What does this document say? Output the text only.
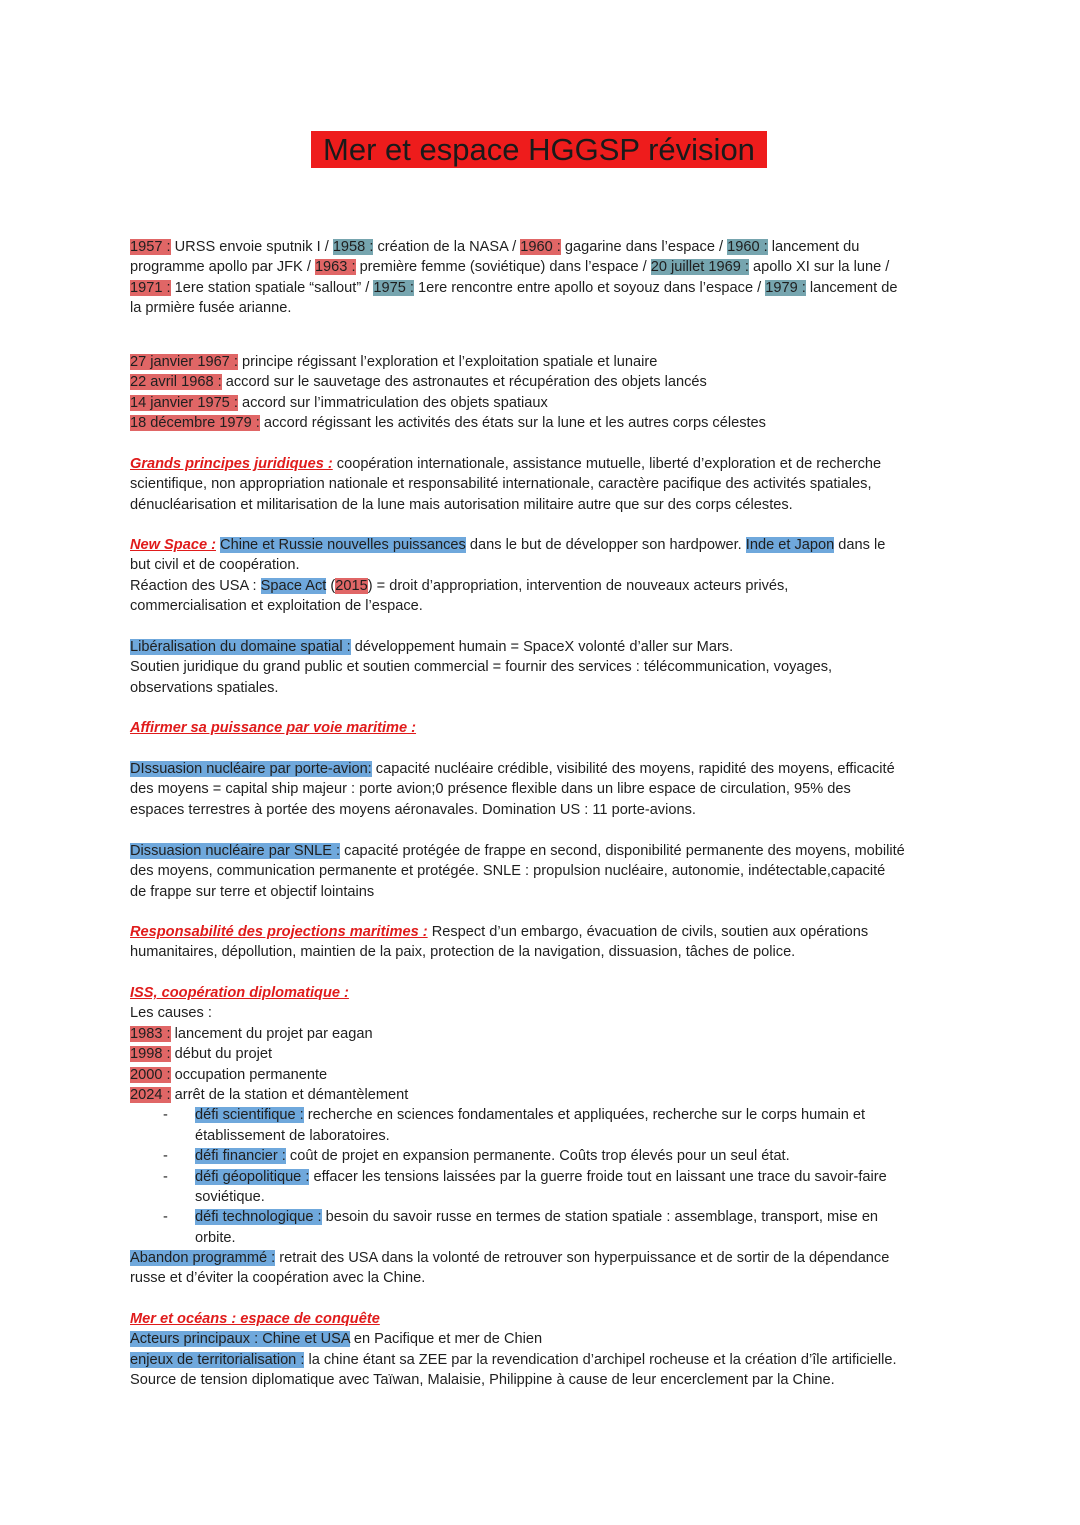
Mer et espace HGGSP révision
1957 : URSS envoie sputnik I / 1958 : création de la NASA / 1960 : gagarine dans l’espace / 1960 : lancement du
programme apollo par JFK / 1963 : première femme (soviétique) dans l’espace / 20 juillet 1969 : apollo XI sur la lune /
1971 : 1ere station spatiale “sallout” / 1975 : 1ere rencontre entre apollo et soyouz dans l’espace / 1979 : lancement de
la prmière fusée arianne.
27 janvier 1967 : principe régissant l’exploration et l’exploitation spatiale et lunaire
22 avril 1968 : accord sur le sauvetage des astronautes et récupération des objets lancés
14 janvier 1975 : accord sur l’immatriculation des objets spatiaux
18 décembre 1979 : accord régissant les activités des états sur la lune et les autres corps célestes
Grands principes juridiques : coopération internationale, assistance mutuelle, liberté d’exploration et de recherche
scientifique, non appropriation nationale et responsabilité internationale, caractère pacifique des activités spatiales,
dénucléarisation et militarisation de la lune mais autorisation militaire autre que sur des corps célestes.
New Space : Chine et Russie nouvelles puissances dans le but de développer son hardpower. Inde et Japon dans le
but civil et de coopération.
Réaction des USA : Space Act (2015) = droit d’appropriation, intervention de nouveaux acteurs privés,
commercialisation et exploitation de l’espace.
Libéralisation du domaine spatial : développement humain = SpaceX volonté d’aller sur Mars.
Soutien juridique du grand public et soutien commercial = fournir des services : télécommunication, voyages,
observations spatiales.
Affirmer sa puissance par voie maritime :
DIssuasion nucléaire par porte-avion: capacité nucléaire crédible, visibilité des moyens, rapidité des moyens, efficacité
des moyens = capital ship majeur : porte avion;0 présence flexible dans un libre espace de circulation, 95% des
espaces terrestres à portée des moyens aéronavales. Domination US : 11 porte-avions.
Dissuasion nucléaire par SNLE : capacité protégée de frappe en second, disponibilité permanente des moyens, mobilité
des moyens, communication permanente et protégée. SNLE : propulsion nucléaire, autonomie, indétectable,capacité
de frappe sur terre et objectif lointains
Responsabilité des projections maritimes : Respect d’un embargo, évacuation de civils, soutien aux opérations
humanitaires, dépollution, maintien de la paix, protection de la navigation, dissuasion, tâches de police.
ISS, coopération diplomatique :
Les causes :
1983 : lancement du projet par eagan
1998 : début du projet
2000 : occupation permanente
2024 : arrêt de la station et démantèlement
- défi scientifique : recherche en sciences fondamentales et appliquées, recherche sur le corps humain et
établissement de laboratoires.
- défi financier : coût de projet en expansion permanente. Coûts trop élevés pour un seul état.
- défi géopolitique : effacer les tensions laissées par la guerre froide tout en laissant une trace du savoir-faire
soviétique.
- défi technologique : besoin du savoir russe en termes de station spatiale : assemblage, transport, mise en
orbite.
Abandon programmé : retrait des USA dans la volonté de retrouver son hyperpuissance et de sortir de la dépendance
russe et d’éviter la coopération avec la Chine.
Mer et océans : espace de conquête
Acteurs principaux : Chine et USA en Pacifique et mer de Chien
enjeux de territorialisation : la chine étant sa ZEE par la revendication d’archipel rocheuse et la création d’île artificielle.
Source de tension diplomatique avec Taïwan, Malaisie, Philippine à cause de leur encerclement par la Chine.
